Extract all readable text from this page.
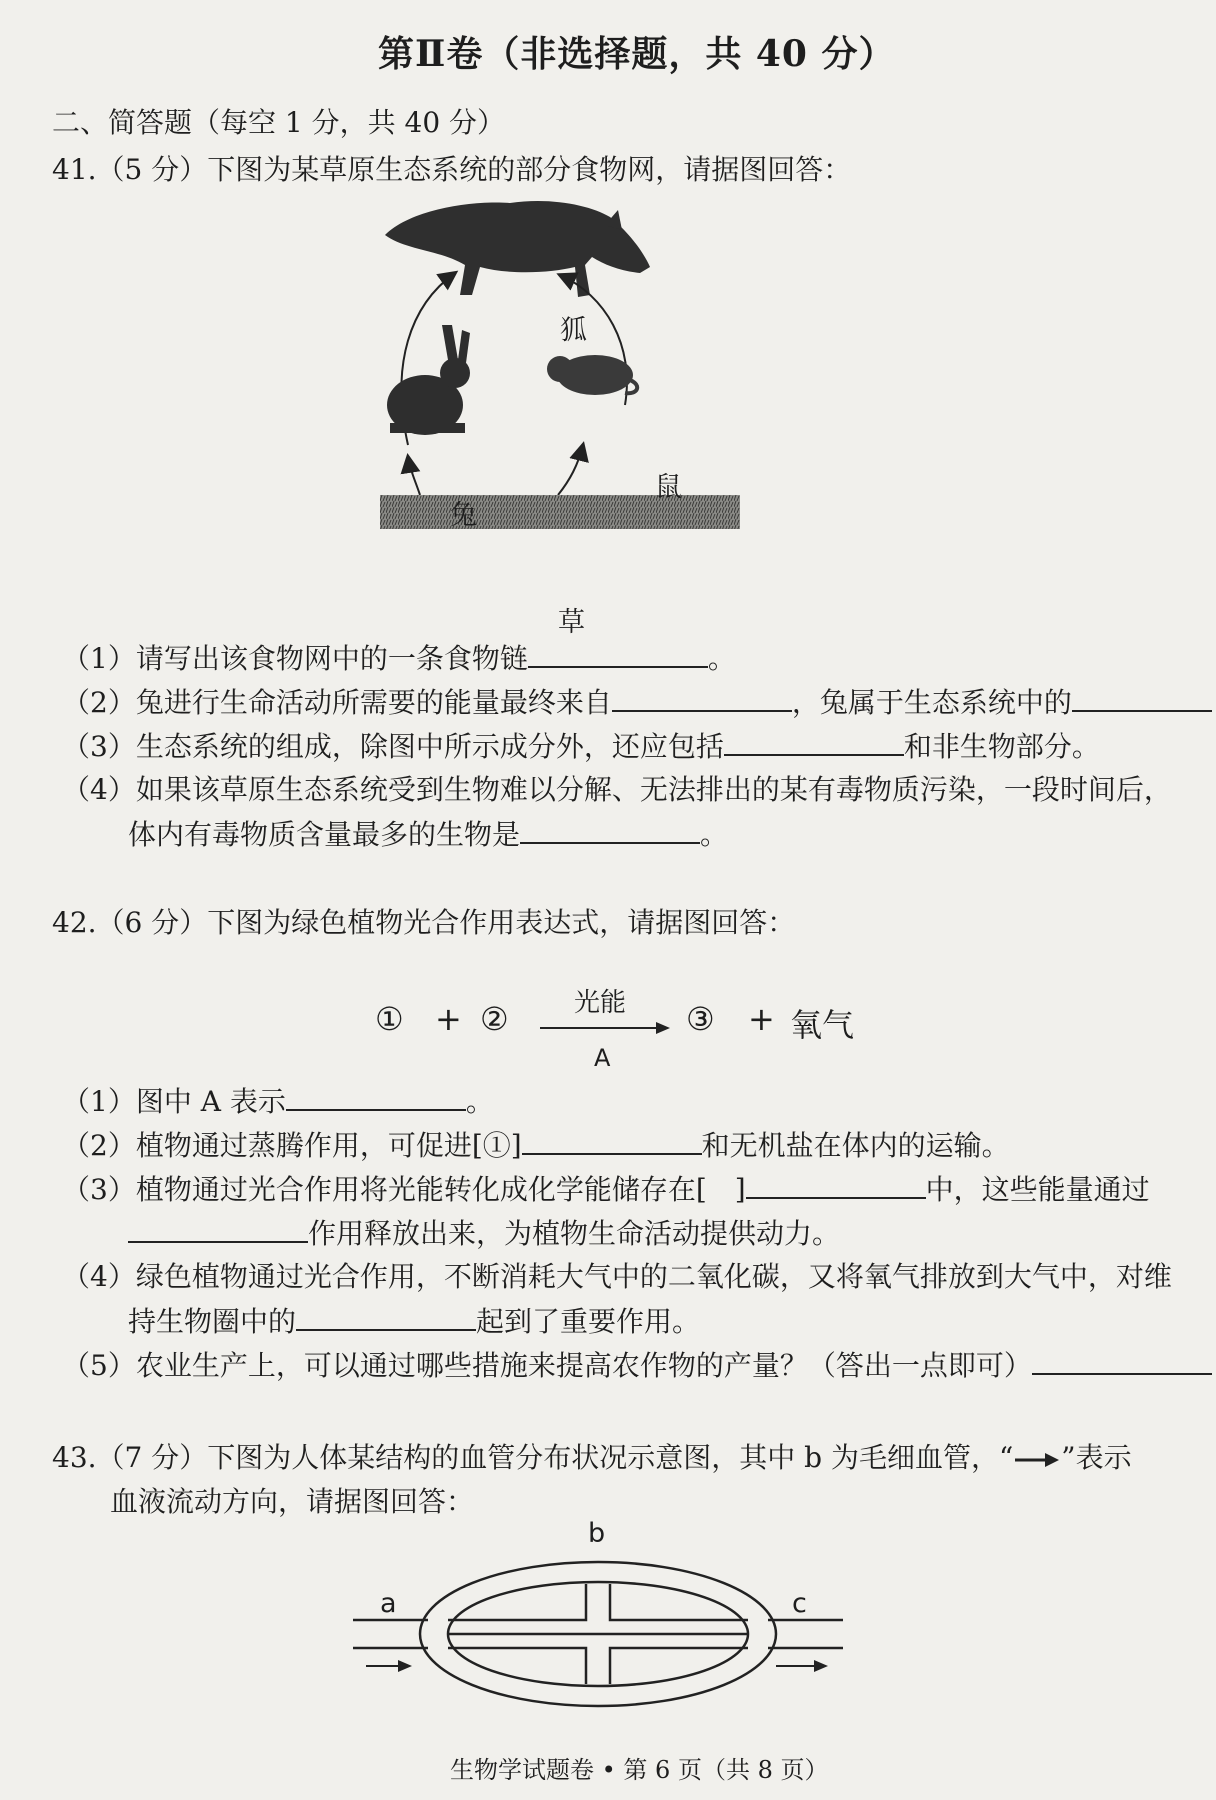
第Ⅱ卷（非选择题，共 40 分）
二、简答题（每空 1 分，共 40 分）
41.（5 分）下图为某草原生态系统的部分食物网，请据图回答：
狐
兔
鼠
草
（1）请写出该食物网中的一条食物链	。
（2）兔进行生命活动所需要的能量最终来自	，兔属于生态系统中的
（3）生态系统的组成，除图中所示成分外，还应包括	和非生物部分。
（4）如果该草原生态系统受到生物难以分解、无法排出的某有毒物质污染，一段时间后，
体内有毒物质含量最多的生物是	。
42.（6 分）下图为绿色植物光合作用表达式，请据图回答：
① + ②	光能
A
③ + 氧气
（1）图中 A 表示	。
（2）植物通过蒸腾作用，可促进[①]	和无机盐在体内的运输。
（3）植物通过光合作用将光能转化成化学能储存在[　]	中，这些能量通过
作用释放出来，为植物生命活动提供动力。
（4）绿色植物通过光合作用，不断消耗大气中的二氧化碳，又将氧气排放到大气中，对维
持生物圈中的	起到了重要作用。
（5）农业生产上，可以通过哪些措施来提高农作物的产量？（答出一点即可）
43.（7 分）下图为人体某结构的血管分布状况示意图，其中 b 为毛细血管，“ ”表示
血液流动方向，请据图回答：
b
a	c
生物学试题卷 • 第 6 页（共 8 页）
